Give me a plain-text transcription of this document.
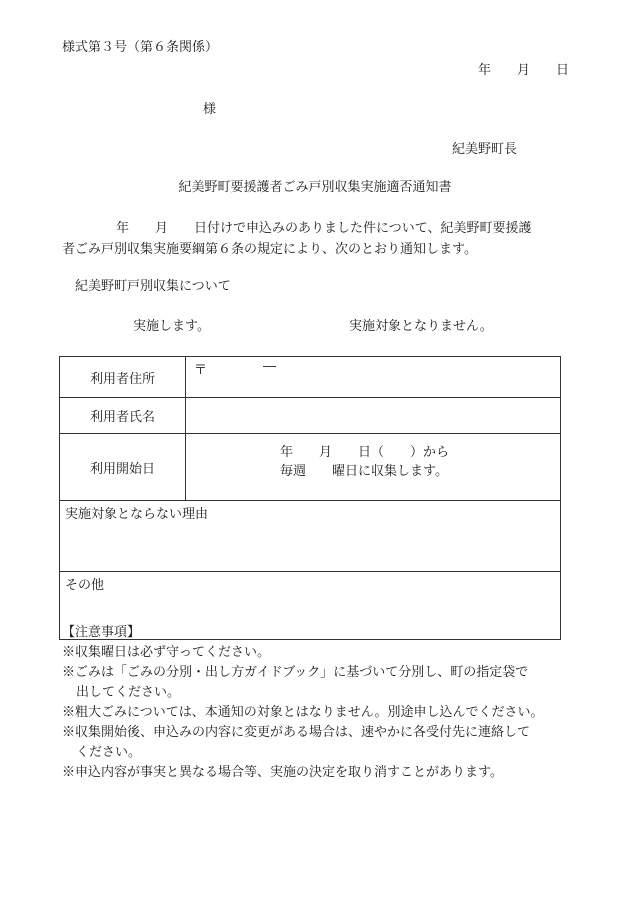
様式第３号（第６条関係）
年　　月　　日
様
紀美野町長
紀美野町要援護者ごみ戸別収集実施適否通知書
年　　月　　日付けで申込みのありました件について、紀美野町要援護
者ごみ戸別収集実施要綱第６条の規定により、次のとおり通知します。
紀美野町戸別収集について
実施します。	実施対象となりません。
利用者住所	〒 ―

利用者氏名	
利用開始日	年　　月　　日（　　）から
毎週　　曜日に収集します。

実施対象とならない理由	
その他	
【注意事項】
※収集曜日は必ず守ってください。
※ごみは「ごみの分別・出し方ガイドブック」に基づいて分別し、町の指定袋で
出してください。
※粗大ごみについては、本通知の対象とはなりません。別途申し込んでください。
※収集開始後、申込みの内容に変更がある場合は、速やかに各受付先に連絡して
ください。
※申込内容が事実と異なる場合等、実施の決定を取り消すことがあります。
